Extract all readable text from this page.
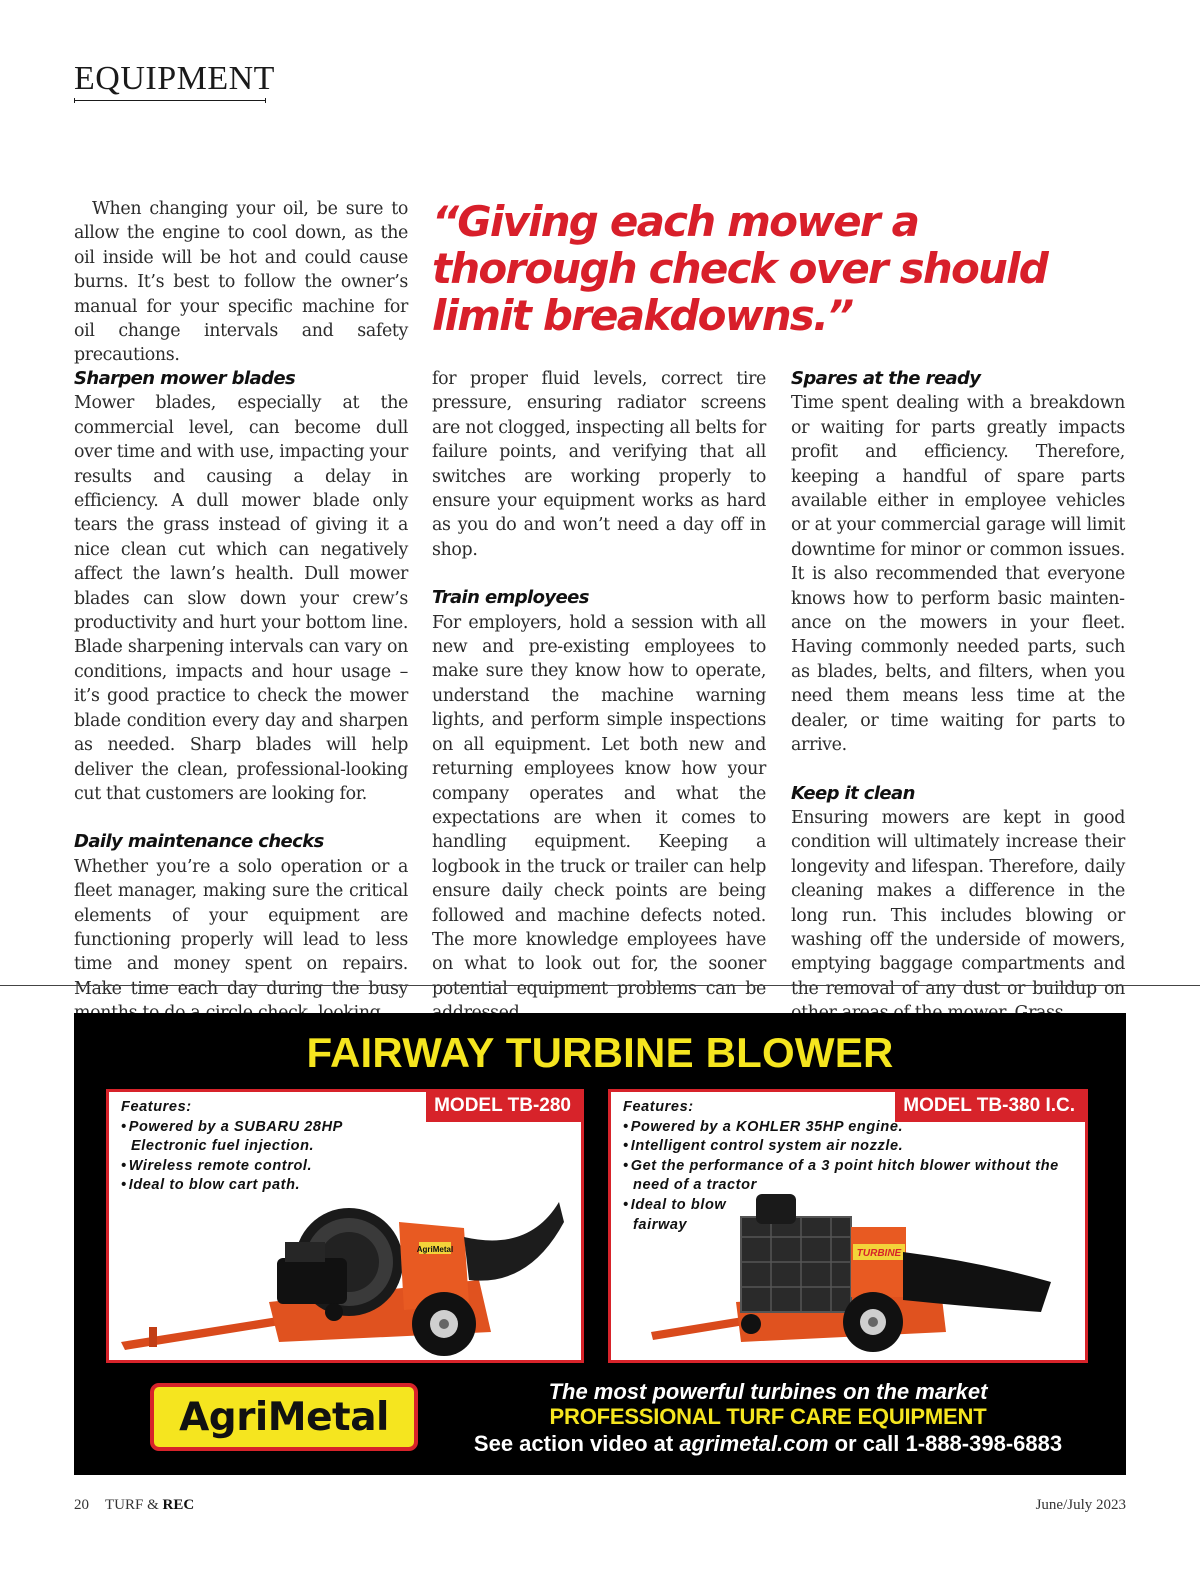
EQUIPMENT

When changing your oil, be sure to allow the engine to cool down, as the oil inside will be hot and could cause burns. It’s best to follow the owner’s manual for your specific machine for oil change intervals and safety precautions.

“Giving each mower a thorough check over should limit breakdowns.”

Sharpen mower blades

Mower blades, especially at the commercial level, can become dull over time and with use, impacting your results and causing a delay in efficiency. A dull mower blade only tears the grass instead of giving it a nice clean cut which can negatively affect the lawn’s health. Dull mower blades can slow down your crew’s productivity and hurt your bottom line. Blade sharpening intervals can vary on conditions, impacts and hour usage – it’s good practice to check the mower blade condition every day and sharpen as needed. Sharp blades will help deliver the clean, professional-looking cut that customers are looking for.

Daily maintenance checks

Whether you’re a solo operation or a fleet manager, making sure the critical elements of your equipment are functioning properly will lead to less time and money spent on repairs. Make time each day during the busy

for proper fluid levels, correct tire pressure, ensuring radiator screens are not clogged, inspecting all belts for failure points, and verifying that all switches are working properly to ensure your equipment works as hard as you do and won’t need a day off in shop.

Train employees

For employers, hold a session with all new and pre-existing employees to make sure they know how to operate, understand the machine warning lights, and perform simple inspections on all equipment. Let both new and returning employees know how your company operates and what the expectations are when it comes to handling equipment. Keeping a logbook in the truck or trailer can help ensure daily check points are being followed and machine defects noted. The more knowledge employees have on what to look out for, the sooner potential equipment problems can be

Spares at the ready

Time spent dealing with a breakdown or waiting for parts greatly impacts profit and efficiency. Therefore, keeping a handful of spare parts available either in employee vehicles or at your commercial garage will limit downtime for minor or common issues. It is also recommended that everyone knows how to perform basic maintenance on the mowers in your fleet. Having commonly needed parts, such as blades, belts, and filters, when you need them means less time at the dealer, or time waiting for parts to arrive.

Keep it clean

Ensuring mowers are kept in good condition will ultimately increase their longevity and lifespan. Therefore, daily cleaning makes a difference in the long run. This includes blowing or washing off the underside of mowers, emptying baggage compartments and the removal of any dust or buildup on

FAIRWAY TURBINE BLOWER
MODEL TB-280
Features:
• Powered by a SUBARU 28HP Electronic fuel injection.
• Wireless remote control.
• Ideal to blow cart path.
AgriMetal
MODEL TB-380 I.C.
Features:
• Powered by a KOHLER 35HP engine.
• Intelligent control system air nozzle.
• Get the performance of a 3 point hitch blower without the need of a tractor
• Ideal to blow fairway
TURBINE
AgriMetal
The most powerful turbines on the market
PROFESSIONAL TURF CARE EQUIPMENT
See action video at agrimetal.com or call 1-888-398-6883
20 TURF & REC	June/July 2023
